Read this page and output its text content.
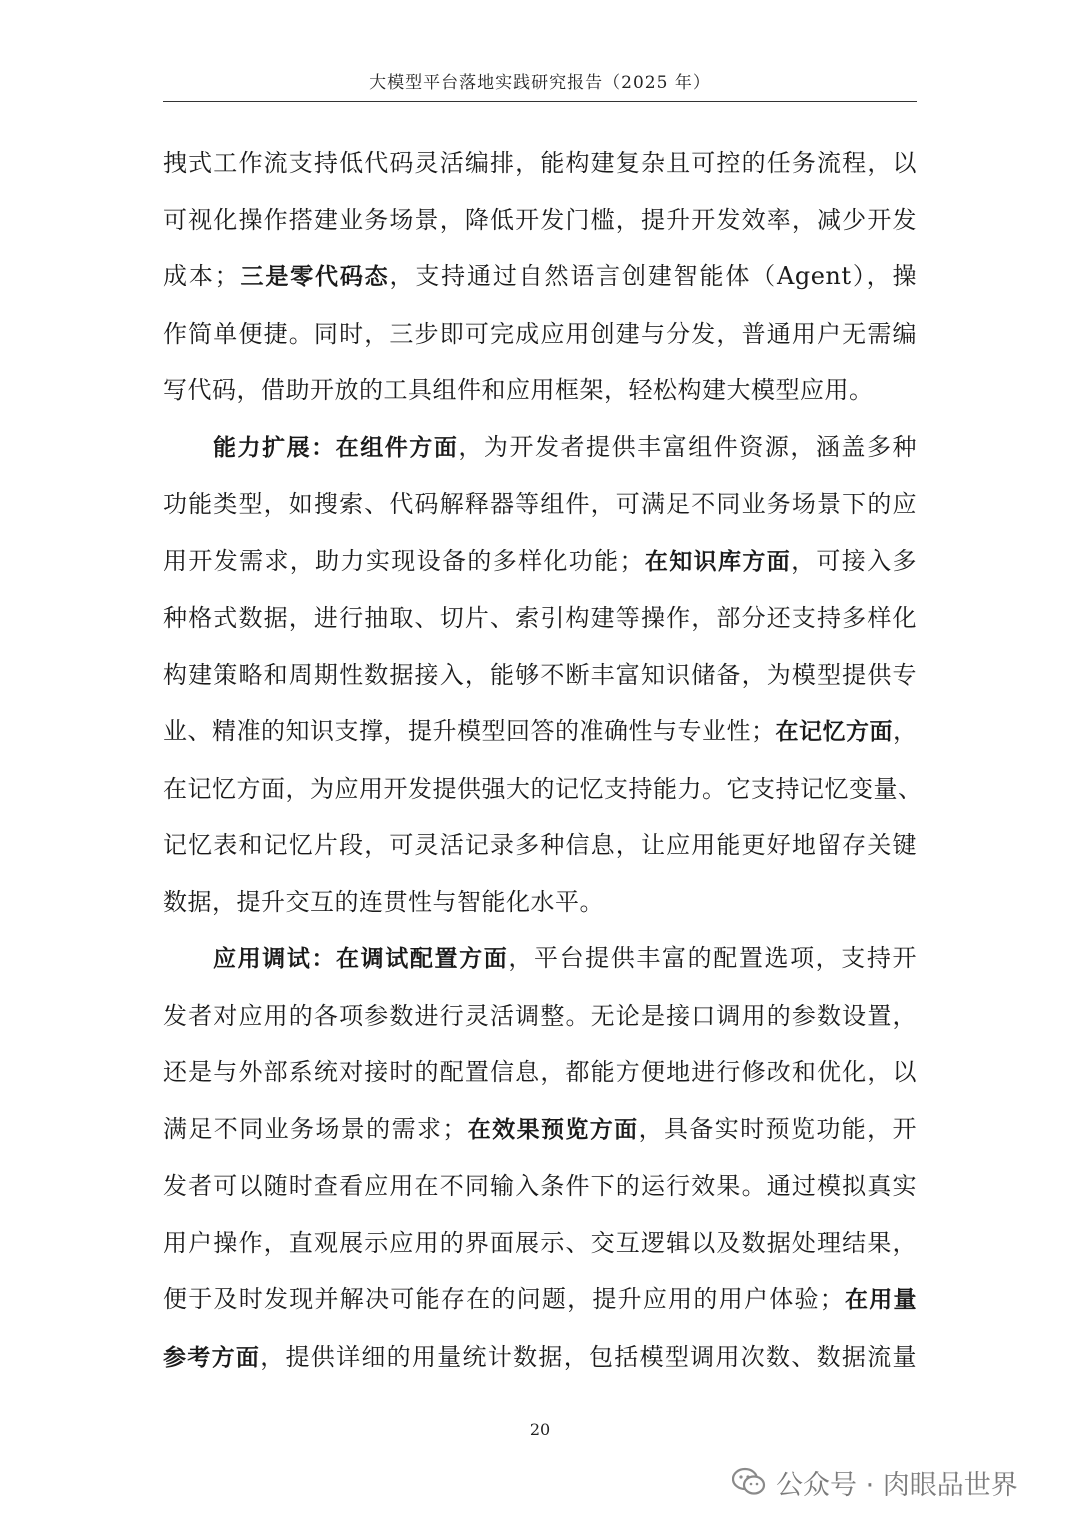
大模型平台落地实践研究报告（2025 年）

拽式工作流支持低代码灵活编排，能构建复杂且可控的任务流程，以
可视化操作搭建业务场景，降低开发门槛，提升开发效率，减少开发
成本；三是零代码态，支持通过自然语言创建智能体（Agent），操
作简单便捷。同时，三步即可完成应用创建与分发，普通用户无需编
写代码，借助开放的工具组件和应用框架，轻松构建大模型应用。

能力扩展：在组件方面，为开发者提供丰富组件资源，涵盖多种
功能类型，如搜索、代码解释器等组件，可满足不同业务场景下的应
用开发需求，助力实现设备的多样化功能；在知识库方面，可接入多
种格式数据，进行抽取、切片、索引构建等操作，部分还支持多样化
构建策略和周期性数据接入，能够不断丰富知识储备，为模型提供专
业、精准的知识支撑，提升模型回答的准确性与专业性；在记忆方面，
在记忆方面，为应用开发提供强大的记忆支持能力。它支持记忆变量、
记忆表和记忆片段，可灵活记录多种信息，让应用能更好地留存关键
数据，提升交互的连贯性与智能化水平。

应用调试：在调试配置方面，平台提供丰富的配置选项，支持开
发者对应用的各项参数进行灵活调整。无论是接口调用的参数设置，
还是与外部系统对接时的配置信息，都能方便地进行修改和优化，以
满足不同业务场景的需求；在效果预览方面，具备实时预览功能，开
发者可以随时查看应用在不同输入条件下的运行效果。通过模拟真实
用户操作，直观展示应用的界面展示、交互逻辑以及数据处理结果，
便于及时发现并解决可能存在的问题，提升应用的用户体验；在用量
参考方面，提供详细的用量统计数据，包括模型调用次数、数据流量

20
公众号 · 肉眼品世界
